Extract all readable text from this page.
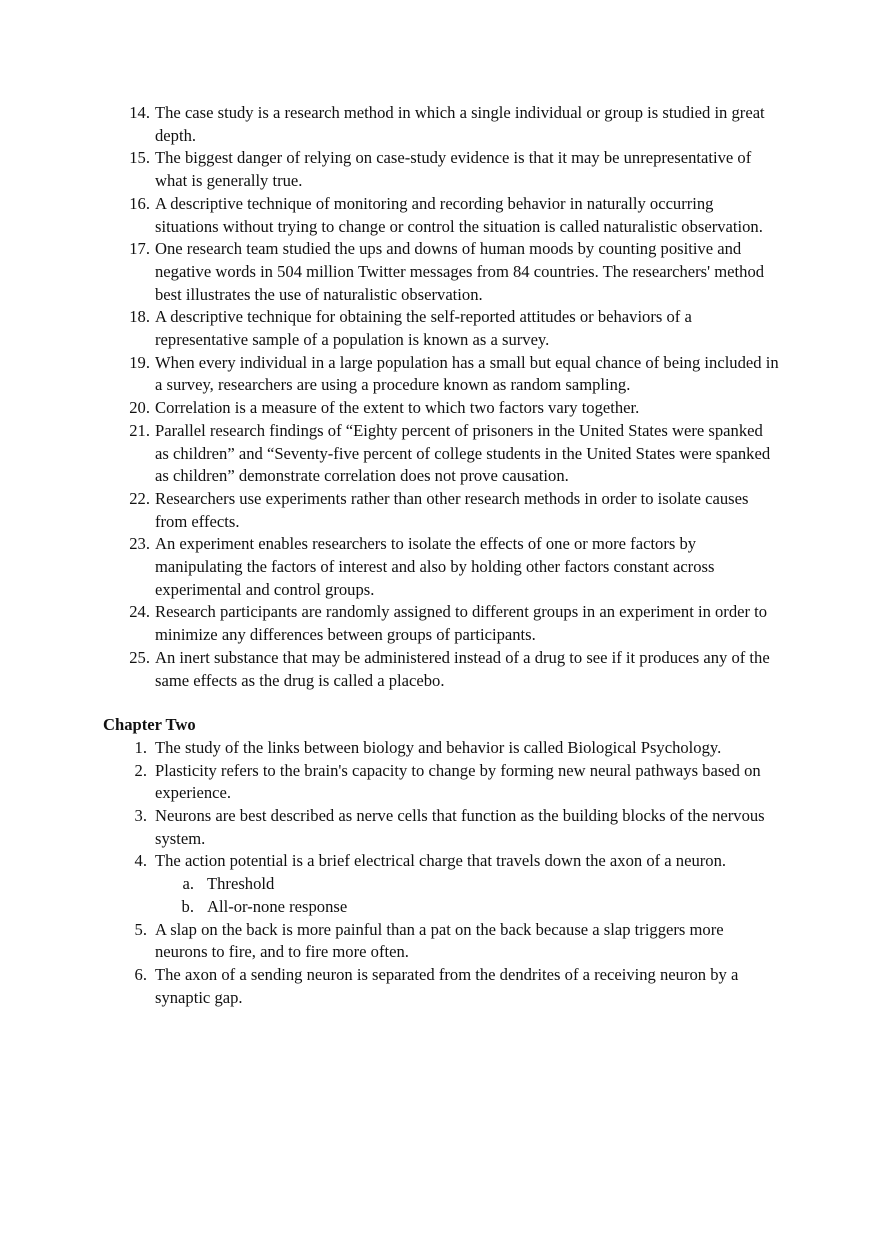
14. The case study is a research method in which a single individual or group is studied in great depth.
15. The biggest danger of relying on case-study evidence is that it may be unrepresentative of what is generally true.
16. A descriptive technique of monitoring and recording behavior in naturally occurring situations without trying to change or control the situation is called naturalistic observation.
17. One research team studied the ups and downs of human moods by counting positive and negative words in 504 million Twitter messages from 84 countries. The researchers' method best illustrates the use of naturalistic observation.
18. A descriptive technique for obtaining the self-reported attitudes or behaviors of a representative sample of a population is known as a survey.
19. When every individual in a large population has a small but equal chance of being included in a survey, researchers are using a procedure known as random sampling.
20. Correlation is a measure of the extent to which two factors vary together.
21. Parallel research findings of “Eighty percent of prisoners in the United States were spanked as children” and “Seventy-five percent of college students in the United States were spanked as children” demonstrate correlation does not prove causation.
22. Researchers use experiments rather than other research methods in order to isolate causes from effects.
23. An experiment enables researchers to isolate the effects of one or more factors by manipulating the factors of interest and also by holding other factors constant across experimental and control groups.
24. Research participants are randomly assigned to different groups in an experiment in order to minimize any differences between groups of participants.
25. An inert substance that may be administered instead of a drug to see if it produces any of the same effects as the drug is called a placebo.
Chapter Two
1. The study of the links between biology and behavior is called Biological Psychology.
2. Plasticity refers to the brain's capacity to change by forming new neural pathways based on experience.
3. Neurons are best described as nerve cells that function as the building blocks of the nervous system.
4. The action potential is a brief electrical charge that travels down the axon of a neuron.
a. Threshold
b. All-or-none response
5. A slap on the back is more painful than a pat on the back because a slap triggers more neurons to fire, and to fire more often.
6. The axon of a sending neuron is separated from the dendrites of a receiving neuron by a synaptic gap.
